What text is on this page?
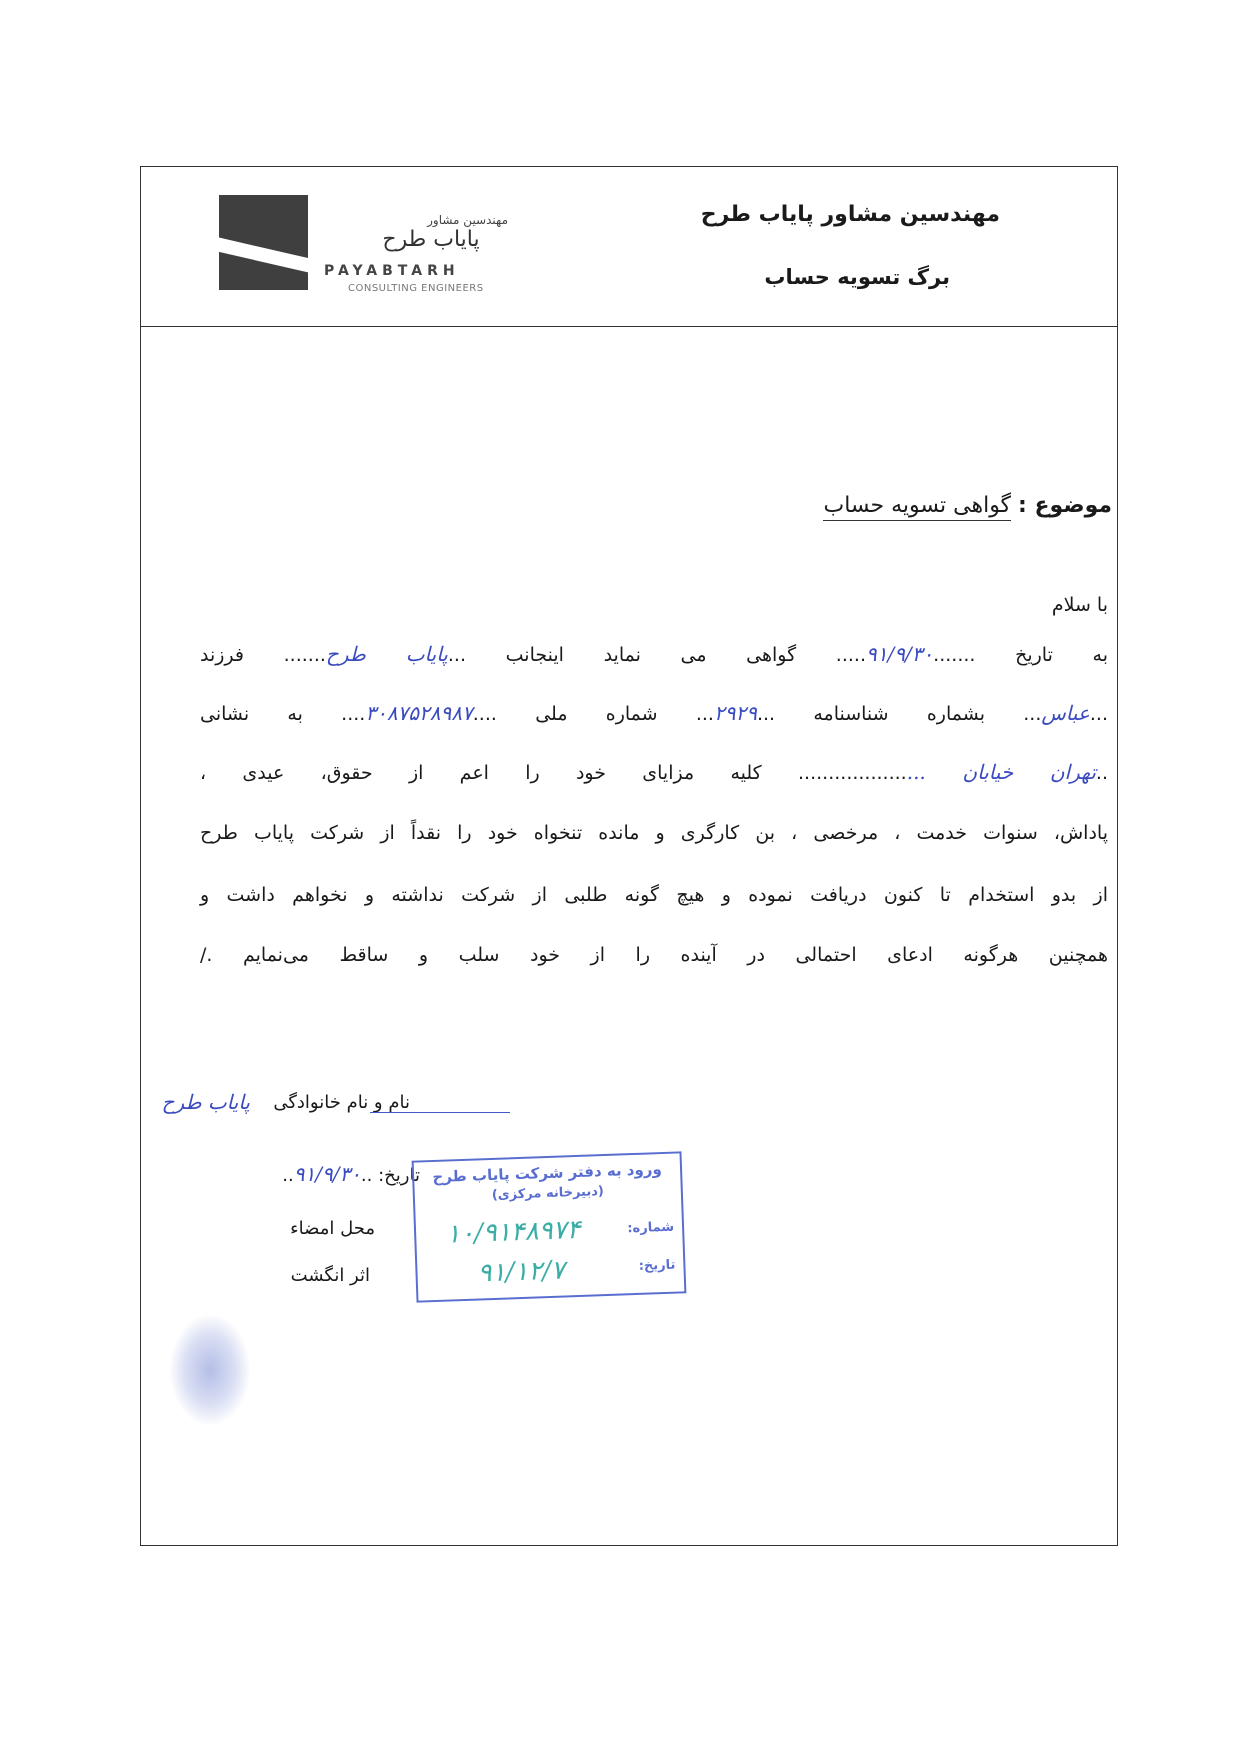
مهندسین مشاور
پایاب طرح
PAYABTARH
CONSULTING ENGINEERS
مهندسین مشاور پایاب طرح
برگ تسویه حساب
موضوع : گواهی تسویه حساب
با سلام
به تاریخ .......۹۱/۹/۳۰..... گواهی می نماید اینجانب ...پایاب طرح....... فرزند
...عباس... بشماره شناسنامه ...۲۹۲۹... شماره ملی ....۳۰۸۷۵۲۸۹۸۷.... به نشانی
..تهران خیابان ..................... کلیه مزایای خود را اعم از حقوق، عیدی ،
پاداش، سنوات خدمت ، مرخصی ، بن کارگری و مانده تنخواه خود را نقداً از شرکت پایاب طرح
از بدو استخدام تا کنون دریافت نموده و هیچ گونه طلبی از شرکت نداشته و نخواهم داشت و
همچنین هرگونه ادعای احتمالی در آینده را از خود سلب و ساقط می‌نمایم ./
نام و نام خانوادگی
پایاب طرح
تاریخ: ..۹۱/۹/۳۰..
محل امضاء
اثر انگشت
ورود به دفتر شرکت پایاب طرح
(دبیرخانه مرکزی)
شماره:
تاریخ:
۱۰/۹۱۴۸۹۷۴
۹۱/۱۲/۷
